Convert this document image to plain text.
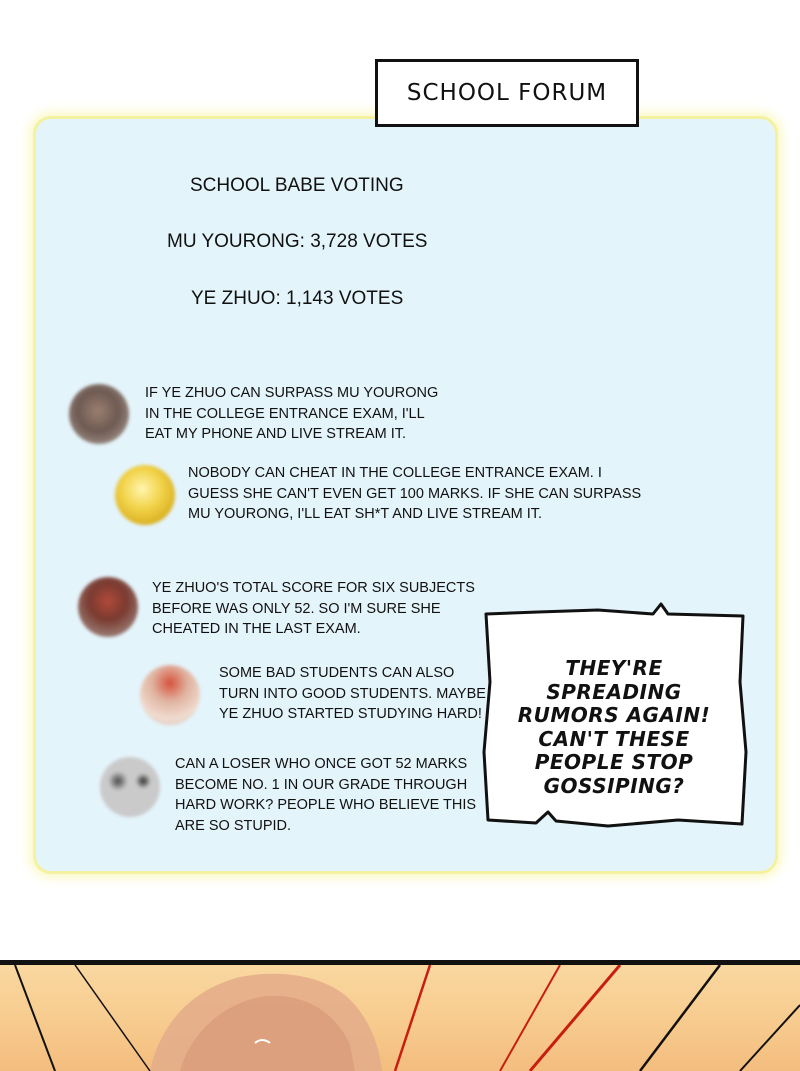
SCHOOL FORUM
SCHOOL BABE VOTING
MU YOURONG: 3,728 VOTES
YE ZHUO: 1,143 VOTES
IF YE ZHUO CAN SURPASS MU YOURONG
IN THE COLLEGE ENTRANCE EXAM, I'LL
EAT MY PHONE AND LIVE STREAM IT.
NOBODY CAN CHEAT IN THE COLLEGE ENTRANCE EXAM. I
GUESS SHE CAN'T EVEN GET 100 MARKS. IF SHE CAN SURPASS
MU YOURONG, I'LL EAT SH*T AND LIVE STREAM IT.
YE ZHUO'S TOTAL SCORE FOR SIX SUBJECTS
BEFORE WAS ONLY 52. SO I'M SURE SHE
CHEATED IN THE LAST EXAM.
SOME BAD STUDENTS CAN ALSO
TURN INTO GOOD STUDENTS. MAYBE
YE ZHUO STARTED STUDYING HARD!
CAN A LOSER WHO ONCE GOT 52 MARKS
BECOME NO. 1 IN OUR GRADE THROUGH
HARD WORK? PEOPLE WHO BELIEVE THIS
ARE SO STUPID.
THEY'RE
SPREADING
RUMORS AGAIN!
CAN'T THESE
PEOPLE STOP
GOSSIPING?
